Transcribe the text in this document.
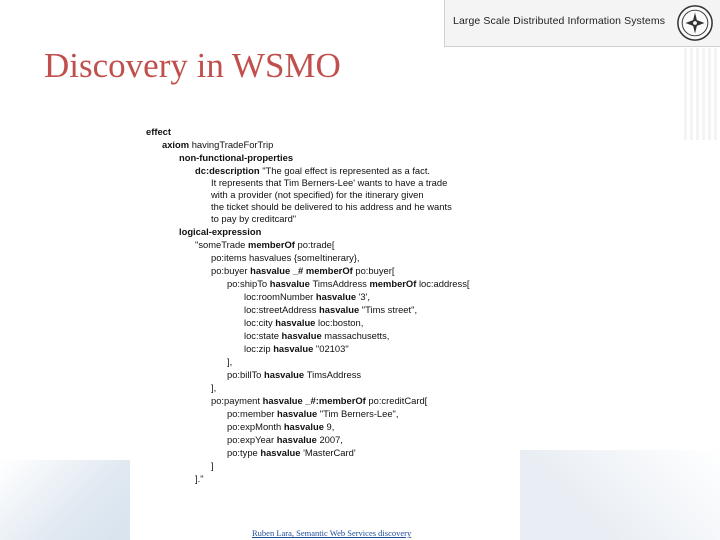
Large Scale Distributed Information Systems
Discovery in WSMO
effect
axiom havingTradeForTrip
non-functional-properties
dc:description "The goal effect is represented as a fact.
It represents that Tim Berners-Lee' wants to have a trade
with a provider (not specified) for the itinerary given
the ticket should be delivered to his address and he wants
to pay by creditcard"
logical-expression
"someTrade memberOf po:trade[
po:items hasvalues {someItinerary},
po:buyer hasvalue _# memberOf po:buyer[
po:shipTo hasvalue TimsAddress memberOf loc:address[
loc:roomNumber hasvalue '3',
loc:streetAddress hasvalue "Tims street",
loc:city hasvalue loc:boston,
loc:state hasvalue massachusetts,
loc:zip hasvalue "02103"
],
po:billTo hasvalue TimsAddress
],
po:payment hasvalue _#:memberOf po:creditCard[
po:member hasvalue "Tim Berners-Lee",
po:expMonth hasvalue 9,
po:expYear hasvalue 2007,
po:type hasvalue 'MasterCard'
]
]."
Ruben Lara, Semantic Web Services discovery
